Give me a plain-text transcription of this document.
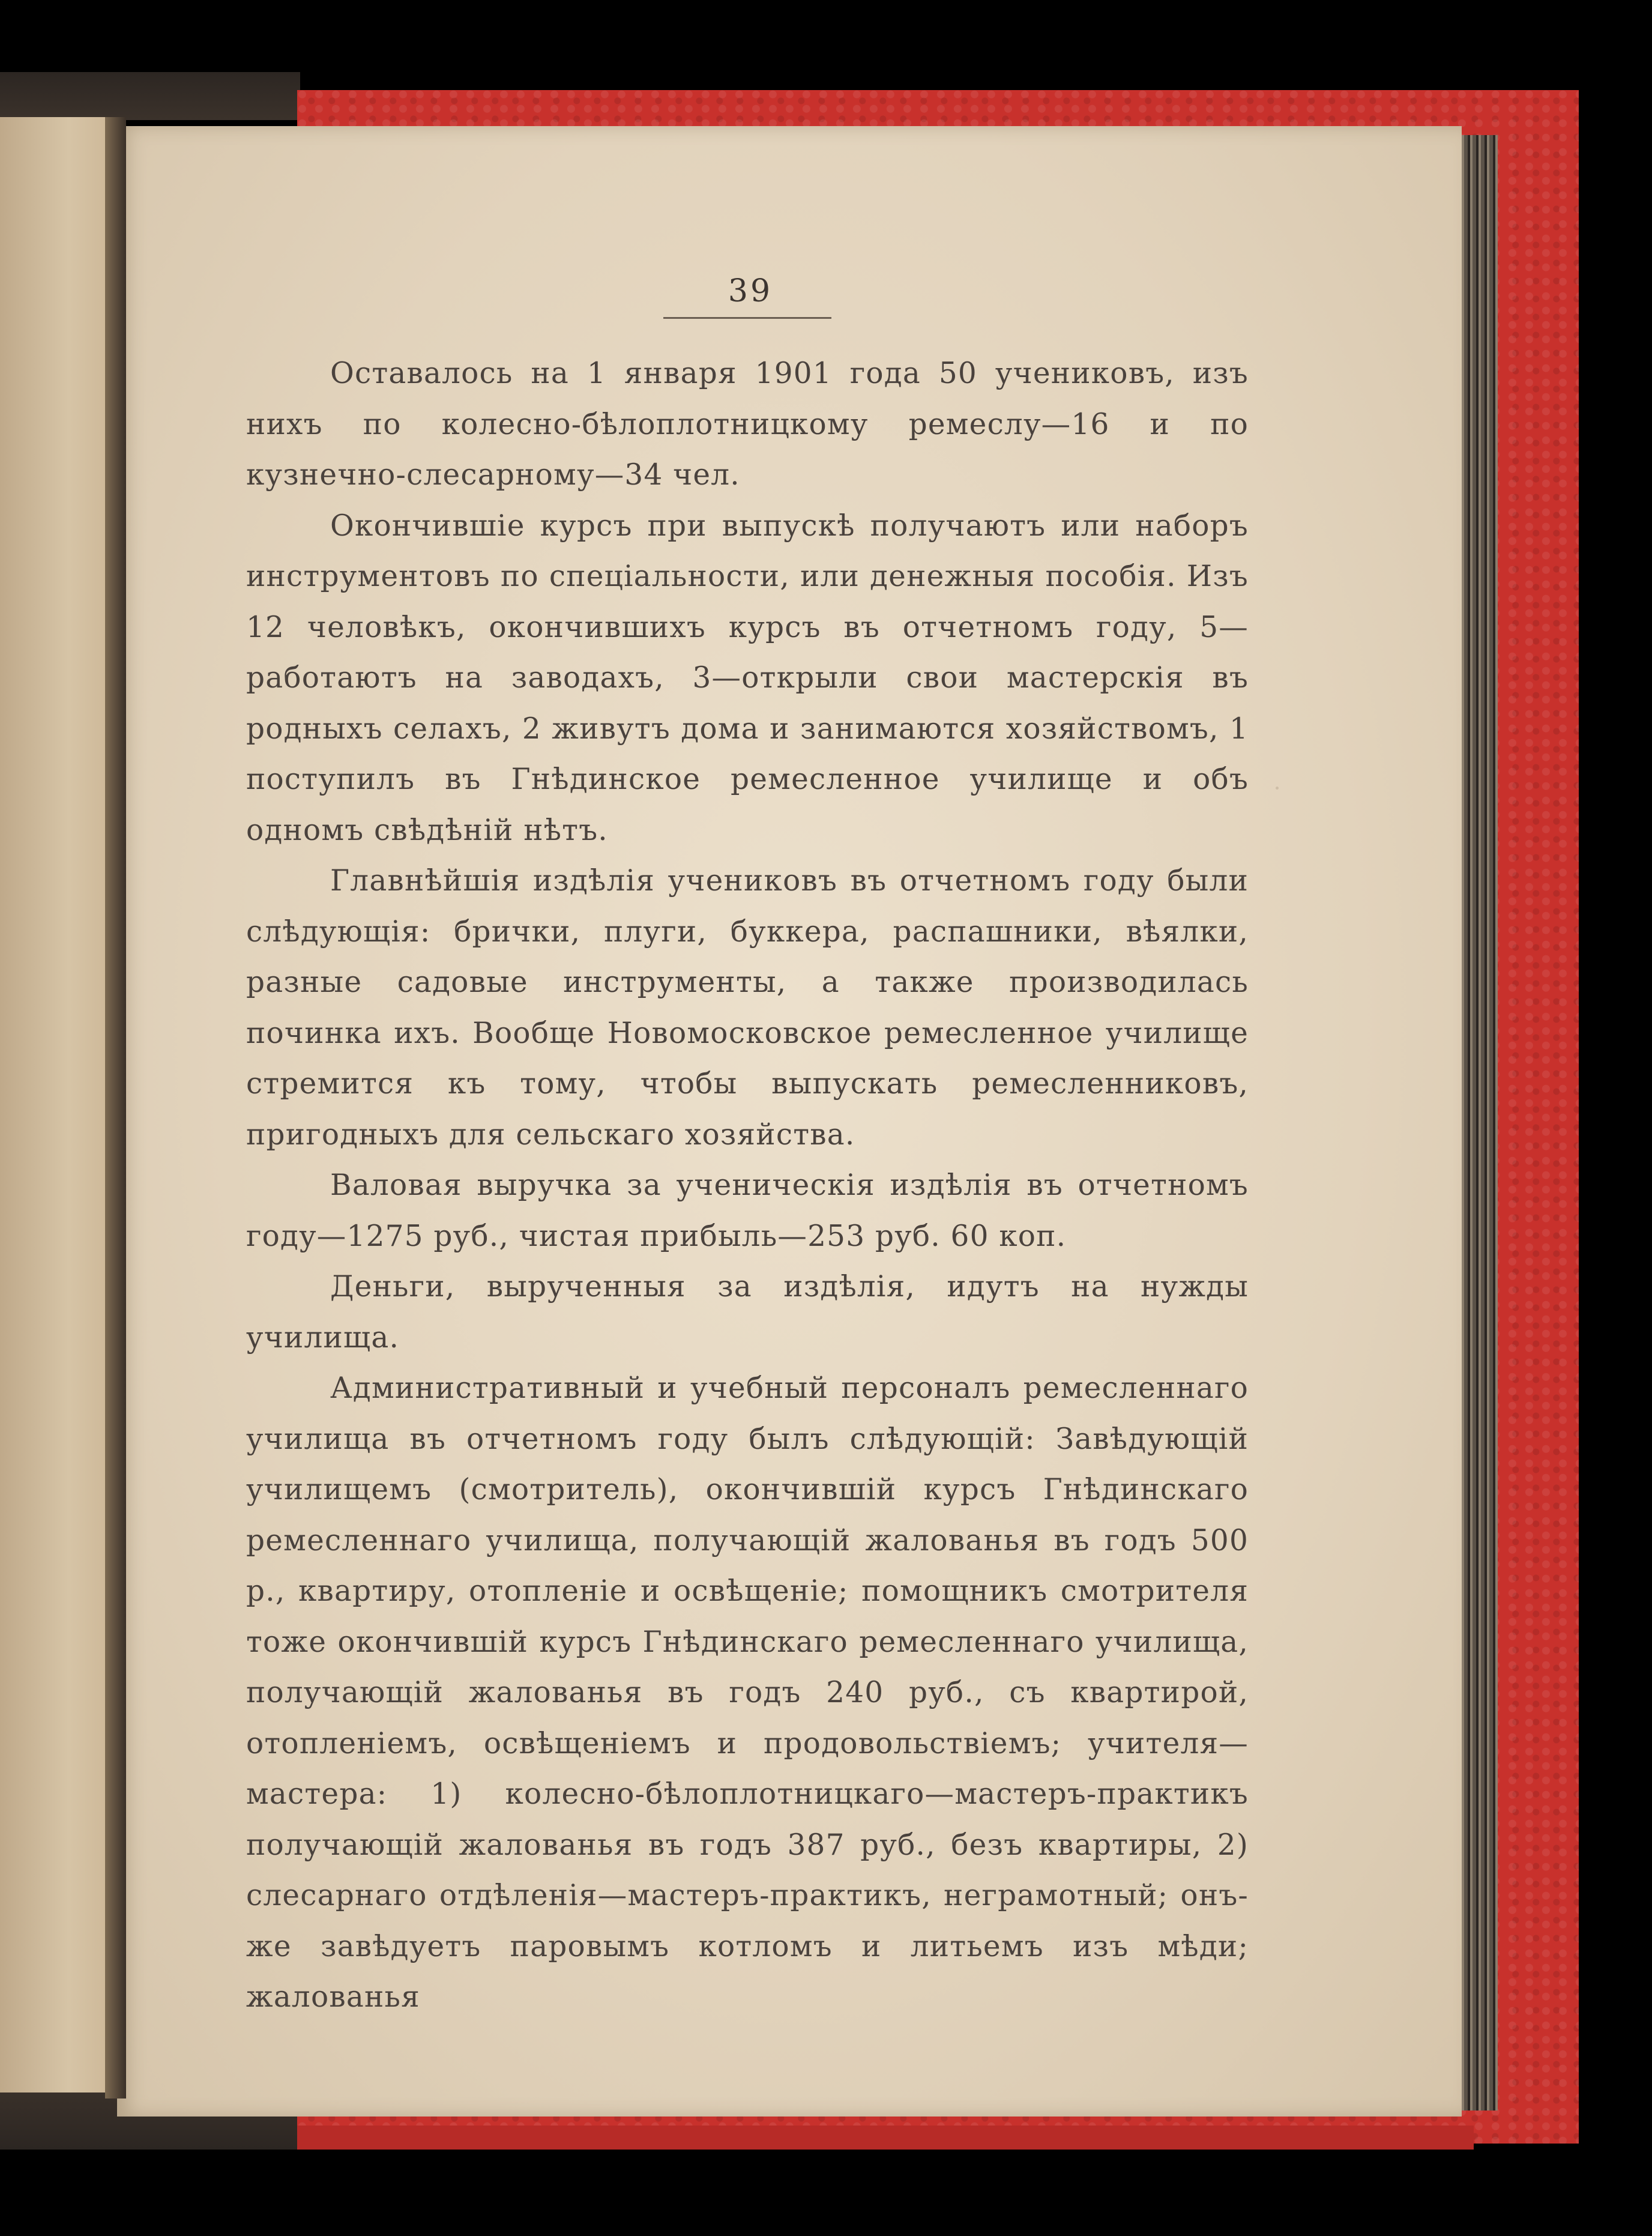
39

Оставалось на 1 января 1901 года 50 учениковъ, изъ нихъ по колесно-бѣлоплотницкому ремеслу—16 и по кузнечно-слесарному—34 чел.

Окончившiе курсъ при выпускѣ получаютъ или наборъ инструментовъ по спецiальности, или денежныя пособiя. Изъ 12 человѣкъ, окончившихъ курсъ въ отчетномъ году, 5—работаютъ на заводахъ, 3—открыли свои мастерскiя въ родныхъ селахъ, 2 живутъ дома и занимаются хозяйствомъ, 1 поступилъ въ Гнѣдинское ремесленное училище и объ одномъ свѣдѣнiй нѣтъ.

Главнѣйшiя издѣлiя учениковъ въ отчетномъ году были слѣдующiя: брички, плуги, буккера, распашники, вѣялки, разные садовые инструменты, а также производилась починка ихъ. Вообще Новомосковское ремесленное училище стремится къ тому, чтобы выпускать ремесленниковъ, пригодныхъ для сельскаго хозяйства.

Валовая выручка за ученическiя издѣлiя въ отчетномъ году—1275 руб., чистая прибыль—253 руб. 60 коп.

Деньги, вырученныя за издѣлiя, идутъ на нужды училища.

Административный и учебный персоналъ ремесленнаго училища въ отчетномъ году былъ слѣдующiй: Завѣдующiй училищемъ (смотритель), окончившiй курсъ Гнѣдинскаго ремесленнаго училища, получающiй жалованья въ годъ 500 р., квартиру, отопленiе и освѣщенiе; помощникъ смотрителя тоже окончившiй курсъ Гнѣдинскаго ремесленнаго училища, получающiй жалованья въ годъ 240 руб., съ квартирой, отопленiемъ, освѣщенiемъ и продовольствiемъ; учителя—мастера: 1) колесно-бѣлоплотницкаго—мастеръ-практикъ получающiй жалованья въ годъ 387 руб., безъ квартиры, 2) слесарнаго отдѣленiя—мастеръ-практикъ, неграмотный; онъ-же завѣдуетъ паровымъ котломъ и литьемъ изъ мѣди; жалованья
